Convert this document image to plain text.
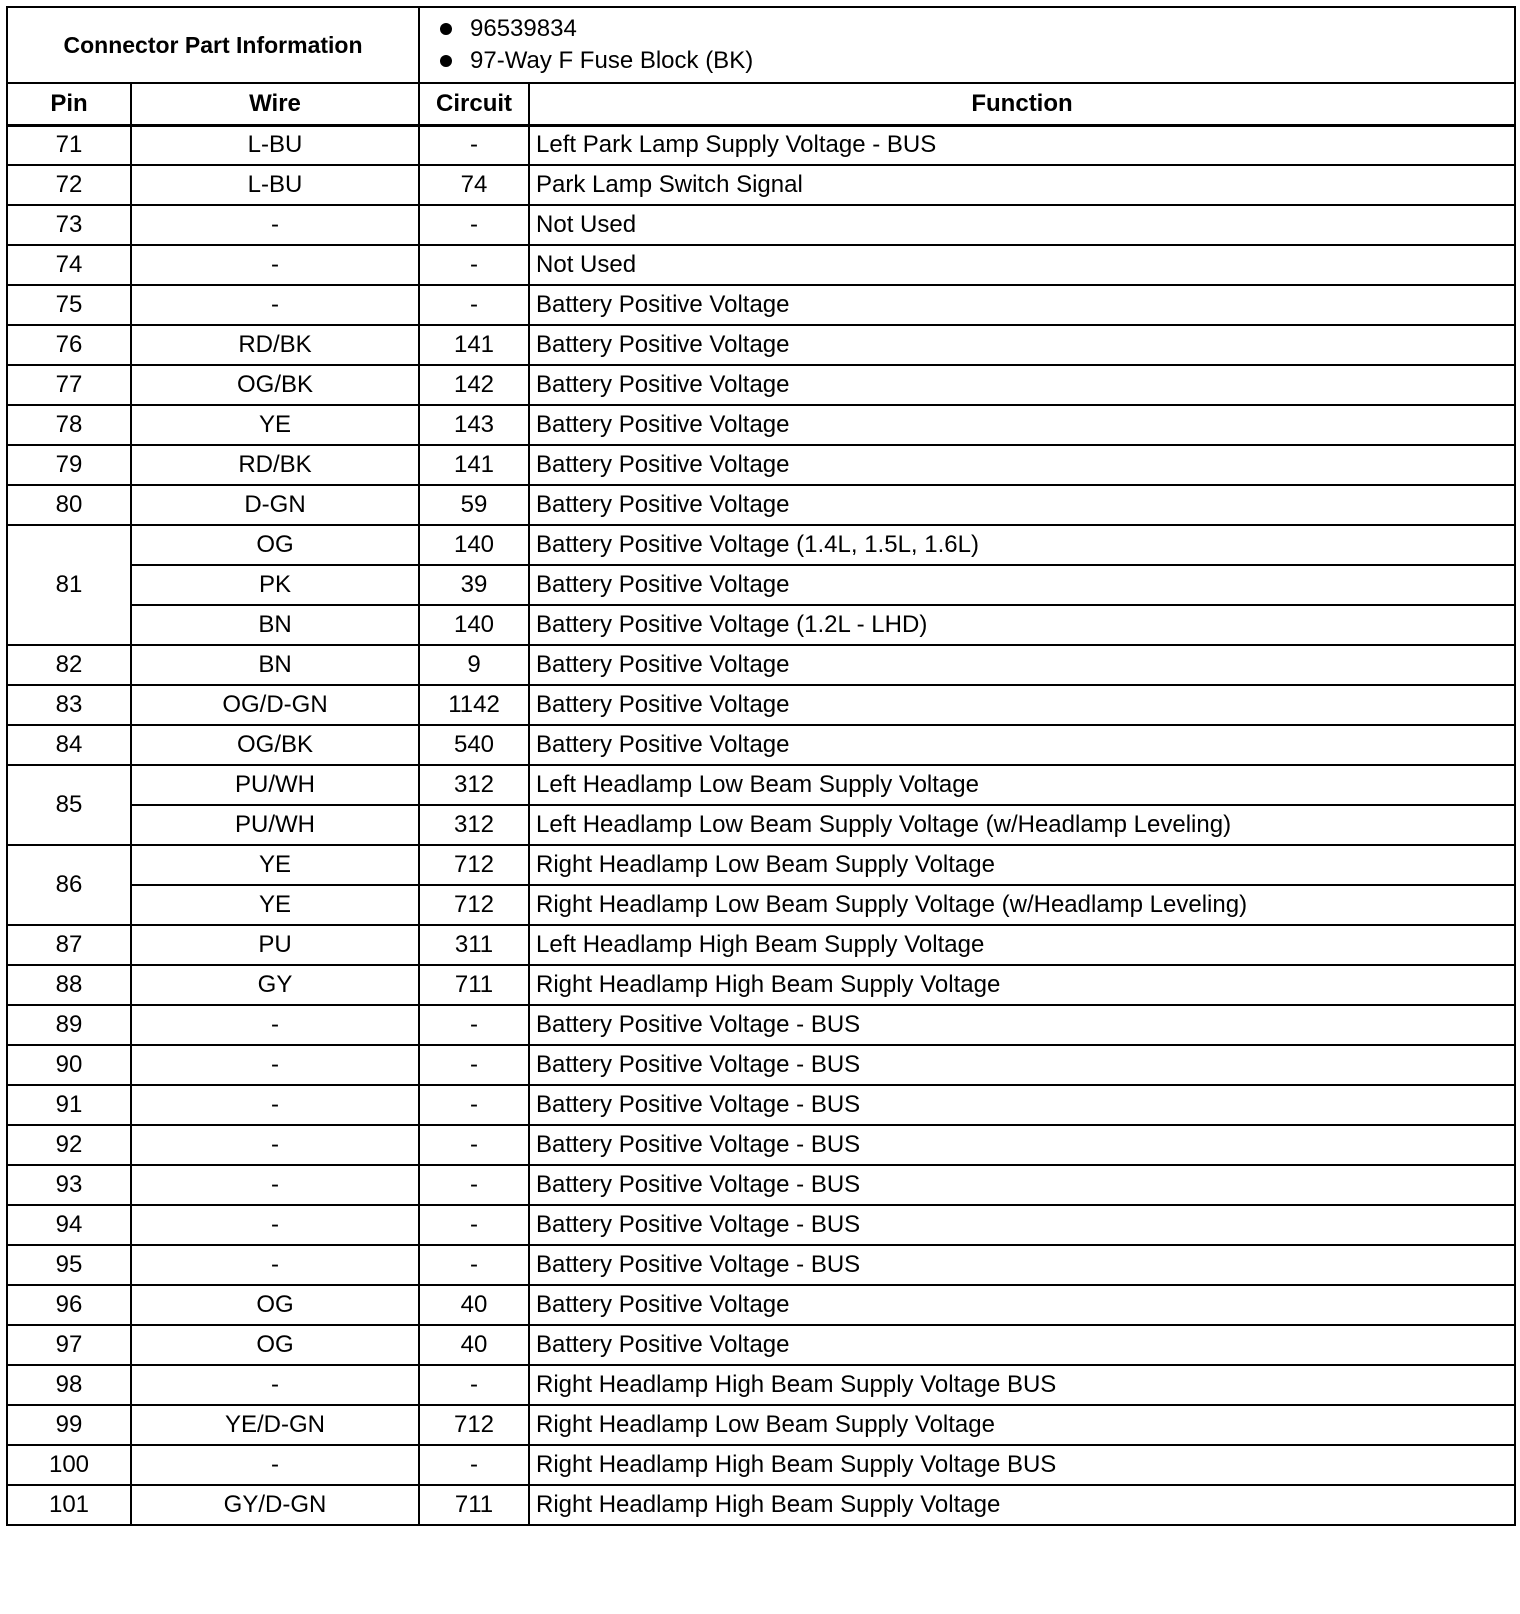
Connector Part Information		96539834
97-Way F Fuse Block (BK)	

Pin	Wire	Circuit	Function
71	L-BU	-	Left Park Lamp Supply Voltage - BUS
72	L-BU	74	Park Lamp Switch Signal
73	-	-	Not Used
74	-	-	Not Used
75	-	-	Battery Positive Voltage
76	RD/BK	141	Battery Positive Voltage
77	OG/BK	142	Battery Positive Voltage
78	YE	143	Battery Positive Voltage
79	RD/BK	141	Battery Positive Voltage
80	D-GN	59	Battery Positive Voltage
81	OG	140	Battery Positive Voltage (1.4L, 1.5L, 1.6L)
	PK	39	Battery Positive Voltage
	BN	140	Battery Positive Voltage (1.2L - LHD)
82	BN	9	Battery Positive Voltage
83	OG/D-GN	1142	Battery Positive Voltage
84	OG/BK	540	Battery Positive Voltage
85	PU/WH	312	Left Headlamp Low Beam Supply Voltage
	PU/WH	312	Left Headlamp Low Beam Supply Voltage (w/Headlamp Leveling)
86	YE	712	Right Headlamp Low Beam Supply Voltage
	YE	712	Right Headlamp Low Beam Supply Voltage (w/Headlamp Leveling)
87	PU	311	Left Headlamp High Beam Supply Voltage
88	GY	711	Right Headlamp High Beam Supply Voltage
89	-	-	Battery Positive Voltage - BUS
90	-	-	Battery Positive Voltage - BUS
91	-	-	Battery Positive Voltage - BUS
92	-	-	Battery Positive Voltage - BUS
93	-	-	Battery Positive Voltage - BUS
94	-	-	Battery Positive Voltage - BUS
95	-	-	Battery Positive Voltage - BUS
96	OG	40	Battery Positive Voltage
97	OG	40	Battery Positive Voltage
98	-	-	Right Headlamp High Beam Supply Voltage BUS
99	YE/D-GN	712	Right Headlamp Low Beam Supply Voltage
100	-	-	Right Headlamp High Beam Supply Voltage BUS
101	GY/D-GN	711	Right Headlamp High Beam Supply Voltage
